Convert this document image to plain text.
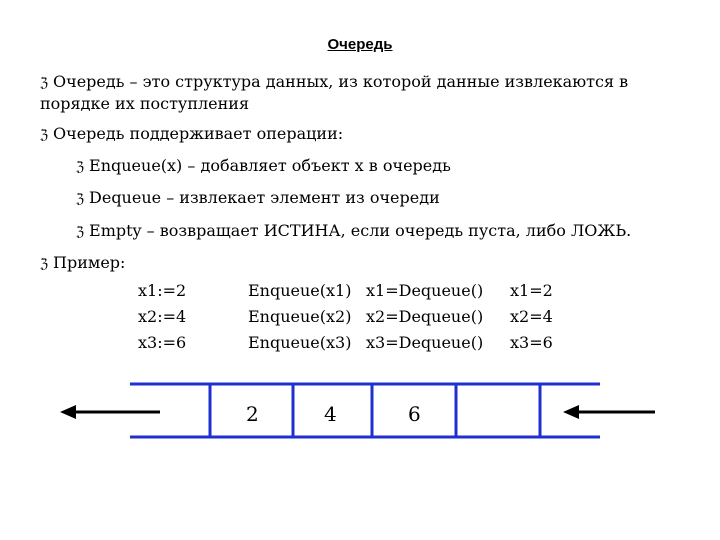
Очередь
ℨ Очередь – это структура данных, из которой данные извлекаются в порядке их поступления
ℨ Очередь поддерживает операции:
ℨ Enqueue(x) – добавляет объект x в очередь
ℨ Dequeue – извлекает элемент из очереди
ℨ Empty – возвращает ИСТИНА, если очередь пуста, либо ЛОЖЬ.
ℨ Пример:
x1:=2	Enqueue(x1) x1=Dequeue() x1=2
x2:=4	Enqueue(x2) x2=Dequeue() x2=4
x3:=6	Enqueue(x3) x3=Dequeue() x3=6
2	4	6
